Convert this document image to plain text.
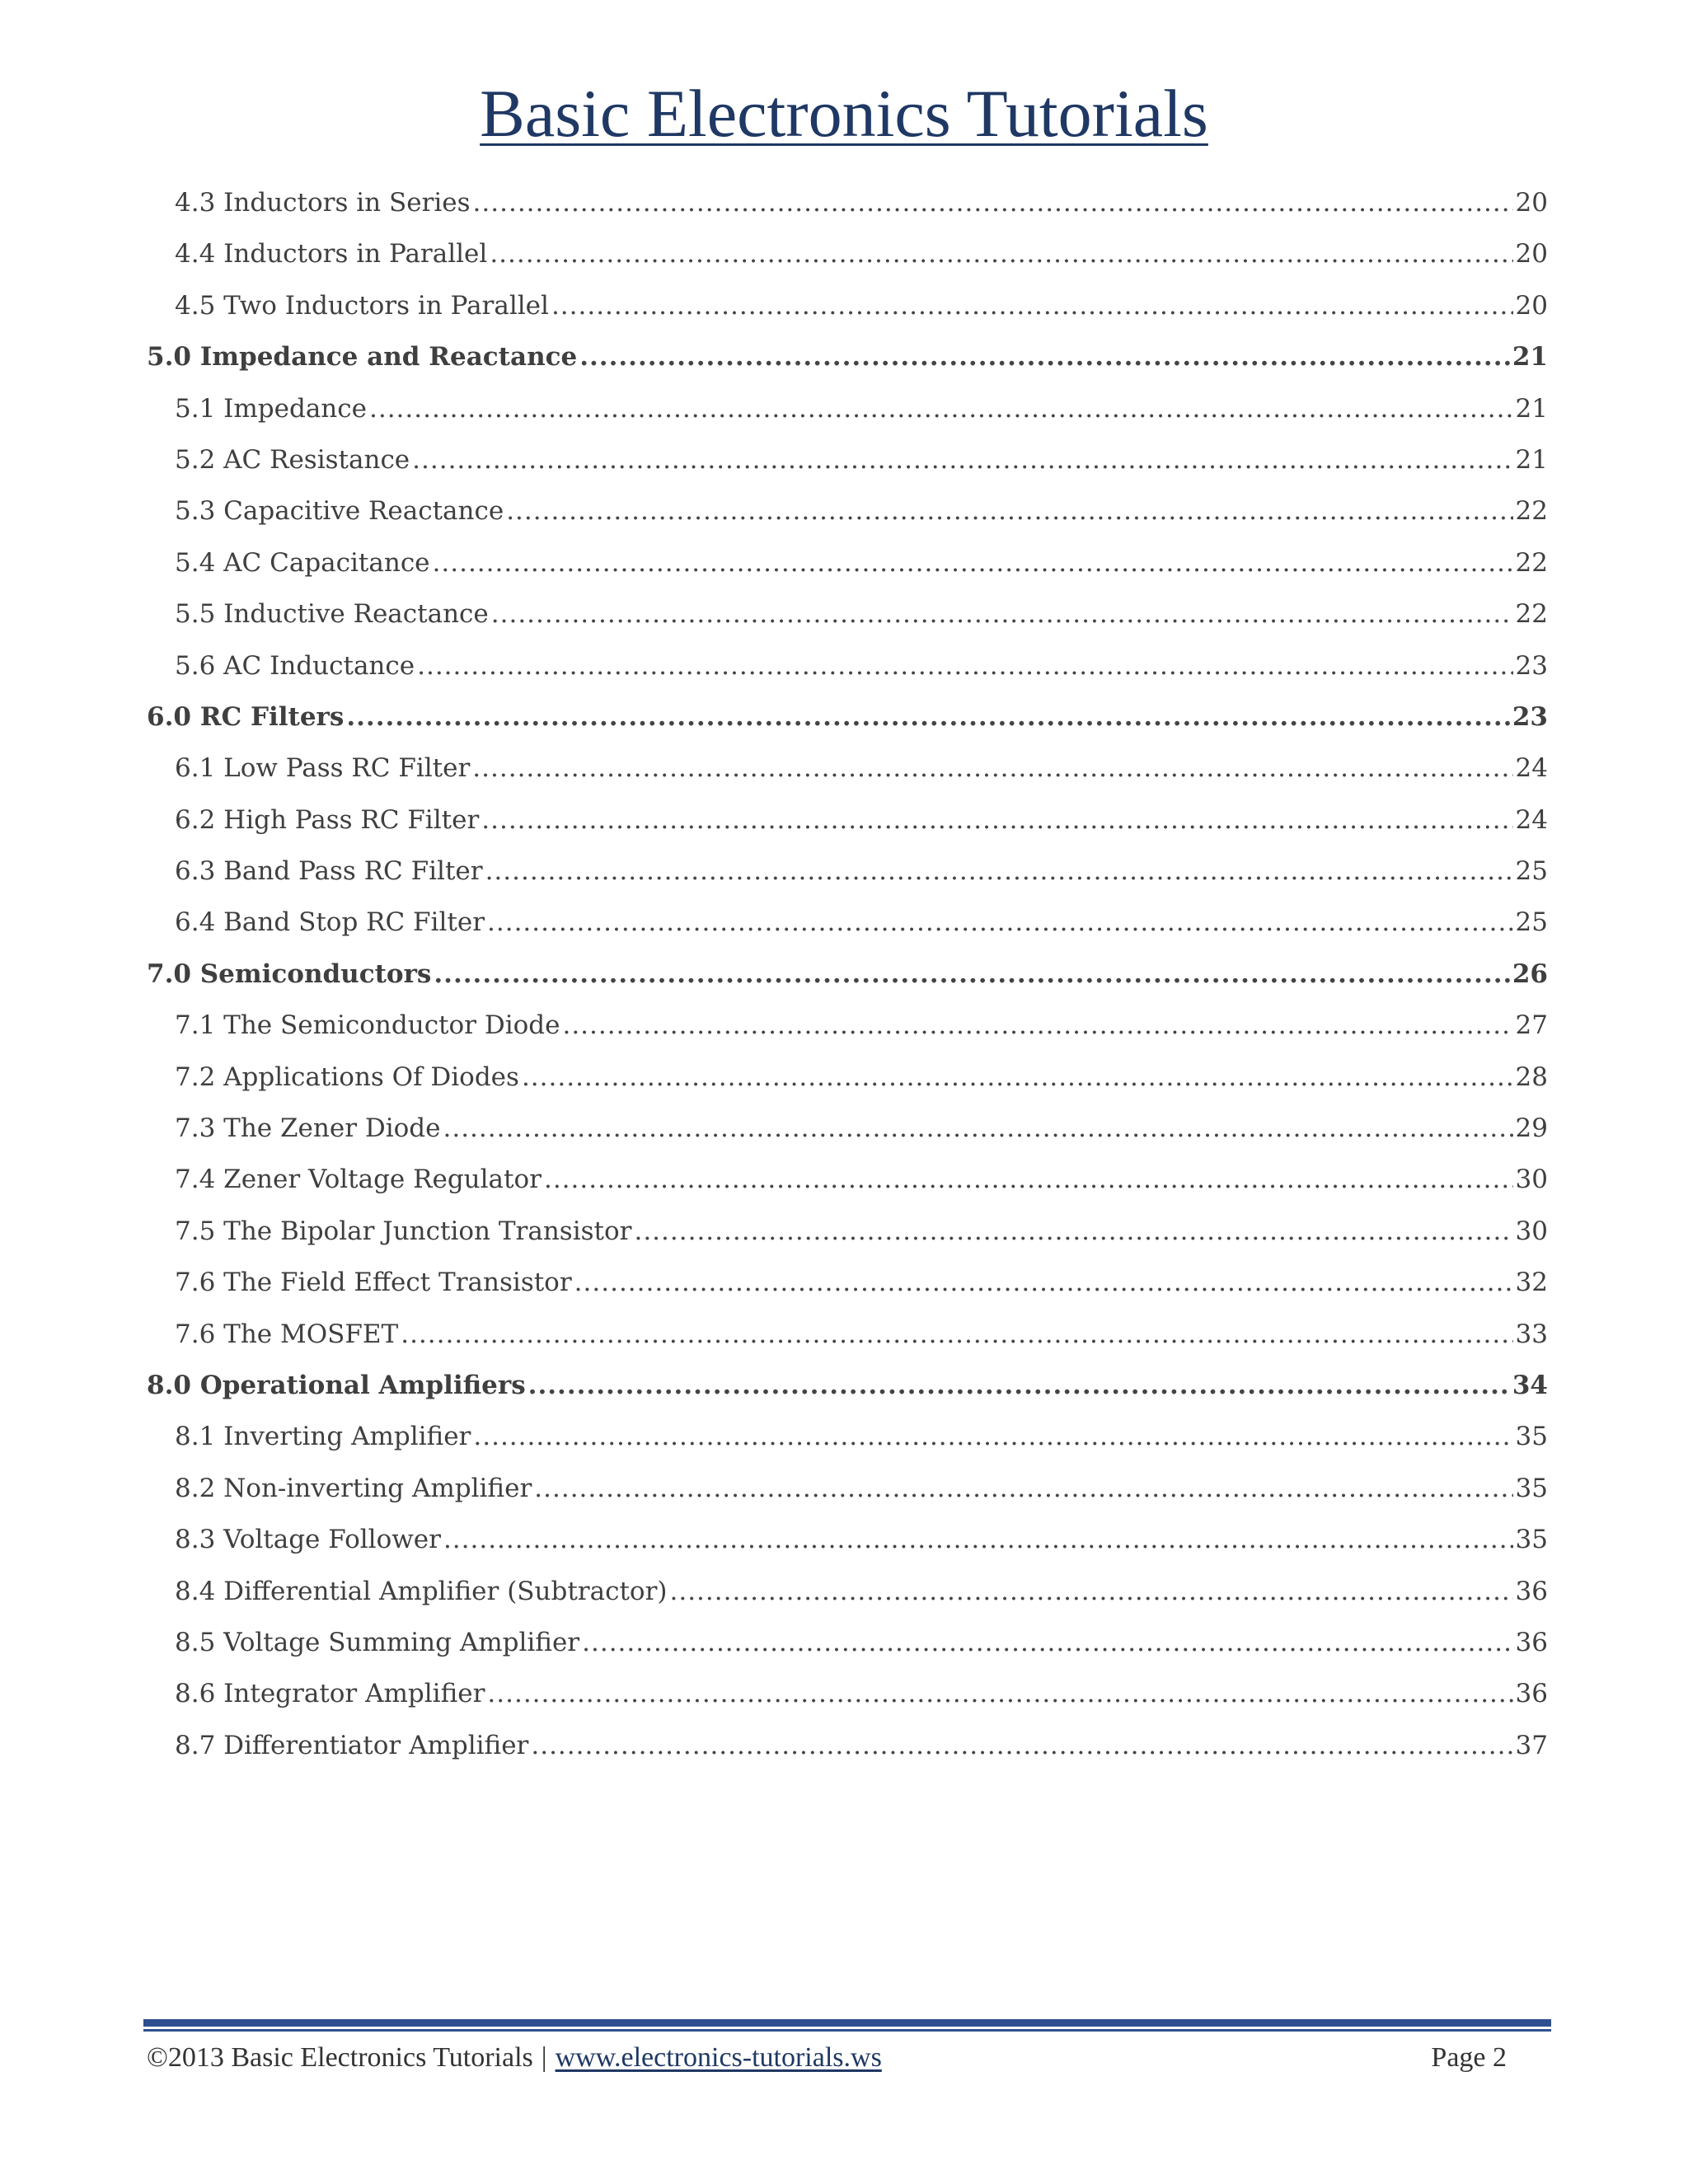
Basic Electronics Tutorials
4.3 Inductors in Series .....	20
4.4 Inductors in Parallel .....	20
4.5 Two Inductors in Parallel .....	20
5.0 Impedance and Reactance .....	21
5.1 Impedance .....	21
5.2 AC Resistance .....	21
5.3 Capacitive Reactance .....	22
5.4 AC Capacitance .....	22
5.5 Inductive Reactance .....	22
5.6 AC Inductance .....	23
6.0 RC Filters .....	23
6.1 Low Pass RC Filter .....	24
6.2 High Pass RC Filter .....	24
6.3 Band Pass RC Filter .....	25
6.4 Band Stop RC Filter .....	25
7.0 Semiconductors .....	26
7.1 The Semiconductor Diode .....	27
7.2 Applications Of Diodes .....	28
7.3 The Zener Diode .....	29
7.4 Zener Voltage Regulator .....	30
7.5 The Bipolar Junction Transistor .....	30
7.6 The Field Effect Transistor .....	32
7.6 The MOSFET .....	33
8.0 Operational Amplifiers .....	34
8.1 Inverting Amplifier .....	35
8.2 Non-inverting Amplifier .....	35
8.3 Voltage Follower .....	35
8.4 Differential Amplifier (Subtractor) .....	36
8.5 Voltage Summing Amplifier .....	36
8.6 Integrator Amplifier .....	36
8.7 Differentiator Amplifier .....	37
©2013 Basic Electronics Tutorials | www.electronics-tutorials.ws	Page 2
